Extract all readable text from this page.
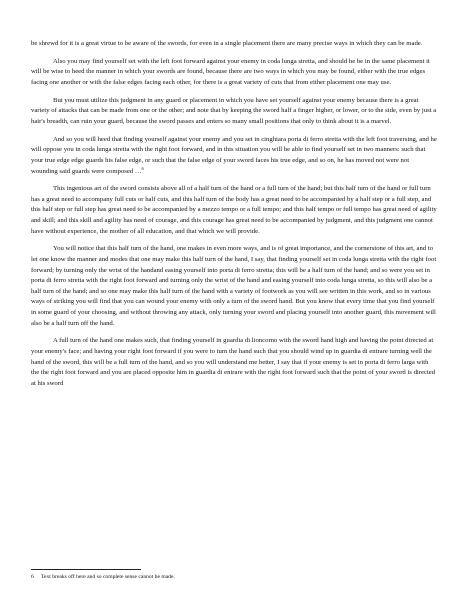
be shrewd for it is a great virtue to be aware of the swords, for even in a single placement there are many precise ways in which they can be made.

Also you may find yourself set with the left foot forward against your enemy in coda lunga stretta, and should he be in the same placement it will be wise to heed the manner in which your swords are found, because there are two ways in which you may be found, either with the true edges facing one another or with the false edges facing each other, for there is a great variety of cuts that from either placement one may use.

But you must utilize this judgment in any guard or placement in which you have set yourself against your enemy because there is a great variety of attacks that can be made from one or the other; and note that by keeping the sword half a finger higher, or lower, or to the side, even by just a hair's breadth, can ruin your guard, because the sword passes and enters so many small positions that only to think about it is a marvel.

And so you will heed that finding yourself against your enemy and you set in cinghiara porta di ferro stretta with the left foot traversing, and he will oppose you in coda lunga stretta with the right foot forward, and in this situation you will be able to find yourself set in two manners: such that your true edge edge guards his false edge, or such that the false edge of your sword faces his true edge, and so on, he has moved not were not wounding said guards were composed …$^6$

This ingenious art of the sword consists above all of a half turn of the hand or a full turn of the hand; but this half turn of the hand or full turn has a great need to accompany full cuts or half cuts, and this half turn of the body has a great need to be accompanied by a half step or a full step, and this half step or full step has great need to be accompanied by a mezzo tempo or a full tempo; and this half tempo or full tempo has great need of agility and skill; and this skill and agility has need of courage, and this courage has great need to be accompanied by judgment, and this judgment one cannot have without experience, the mother of all education, and that which we will provide.

You will notice that this half turn of the hand, one makes in even more ways, and is of great importance, and the cornerstone of this art, and to let one know the manner and modes that one may make this half turn of the hand, I say, that finding yourself set in coda lunga stretta with the right foot forward; by turning only the wrist of the handand easing yourself into porta di ferro stretta; this will be a half turn of the hand; and so were you set in porta di ferro stretta with the right foot forward and turning only the wrist of the hand and easing yourself into coda lunga stretta, so this will also be a half turn of the hand; and so one may make this half turn of the hand with a variety of footwork as you will see written in this work, and so in various ways of striking you will find that you can wound your enemy with only a turn of the sword hand. But you know that every time that you find yourself in some guard of your choosing, and without throwing any attack, only turning your sword and placing yourself into another guard, this movement will also be a half turn off the hand.

A full turn of the hand one makes such, that finding yourself in guardia di lioncorno with the sword hand high and having the point directed at your enemy's face; and having your right foot forward if you were to turn the hand such that you should wind up in guardia di entrare turning well the hand of the sword, this will be a full turn of the hand, and so you will understand me better, I say that if your enemy is set in porta di ferro larga with the the right foot forward and you are placed opposite him in guardia di entrare with the right foot forward such that the point of your sword is directed at his sword

6 Text breaks off here and so complete sense cannot be made.
